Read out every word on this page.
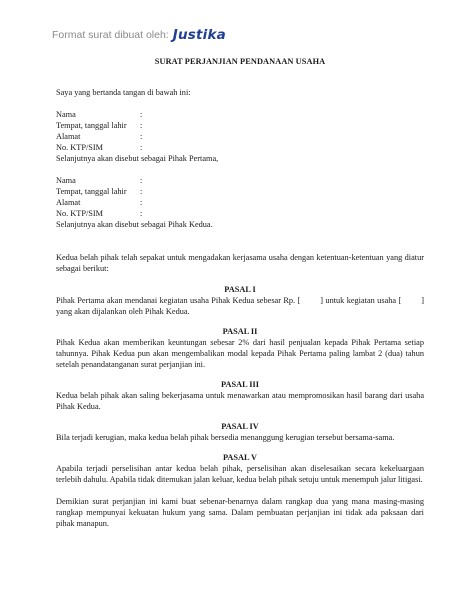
Format surat dibuat oleh: Justika
SURAT PERJANJIAN PENDANAAN USAHA

Saya yang bertanda tangan di bawah ini:

Nama	:
Tempat, tanggal lahir	:
Alamat	:
No. KTP/SIM	:

Selanjutnya akan disebut sebagai Pihak Pertama,

Nama	:
Tempat, tanggal lahir	:
Alamat	:
No. KTP/SIM	:

Selanjutnya akan disebut sebagai Pihak Kedua.

Kedua belah pihak telah sepakat untuk mengadakan kerjasama usaha dengan ketentuan-ketentuan yang diatur sebagai berikut:

PASAL I

Pihak Pertama akan mendanai kegiatan usaha Pihak Kedua sebesar Rp. [ ] untuk kegiatan usaha [ ] yang akan dijalankan oleh Pihak Kedua.

PASAL II

Pihak Kedua akan memberikan keuntungan sebesar 2% dari hasil penjualan kepada Pihak Pertama setiap tahunnya. Pihak Kedua pun akan mengembalikan modal kepada Pihak Pertama paling lambat 2 (dua) tahun setelah penandatanganan surat perjanjian ini.

PASAL III

Kedua belah pihak akan saling bekerjasama untuk menawarkan atau mempromosikan hasil barang dari usaha Pihak Kedua.

PASAL IV

Bila terjadi kerugian, maka kedua belah pihak bersedia menanggung kerugian tersebut bersama-sama.

PASAL V

Apabila terjadi perselisihan antar kedua belah pihak, perselisihan akan diselesaikan secara kekeluargaan terlebih dahulu. Apabila tidak ditemukan jalan keluar, kedua belah pihak setuju untuk menempuh jalur litigasi.

Demikian surat perjanjian ini kami buat sebenar-benarnya dalam rangkap dua yang mana masing-masing rangkap mempunyai kekuatan hukum yang sama. Dalam pembuatan perjanjian ini tidak ada paksaan dari pihak manapun.
